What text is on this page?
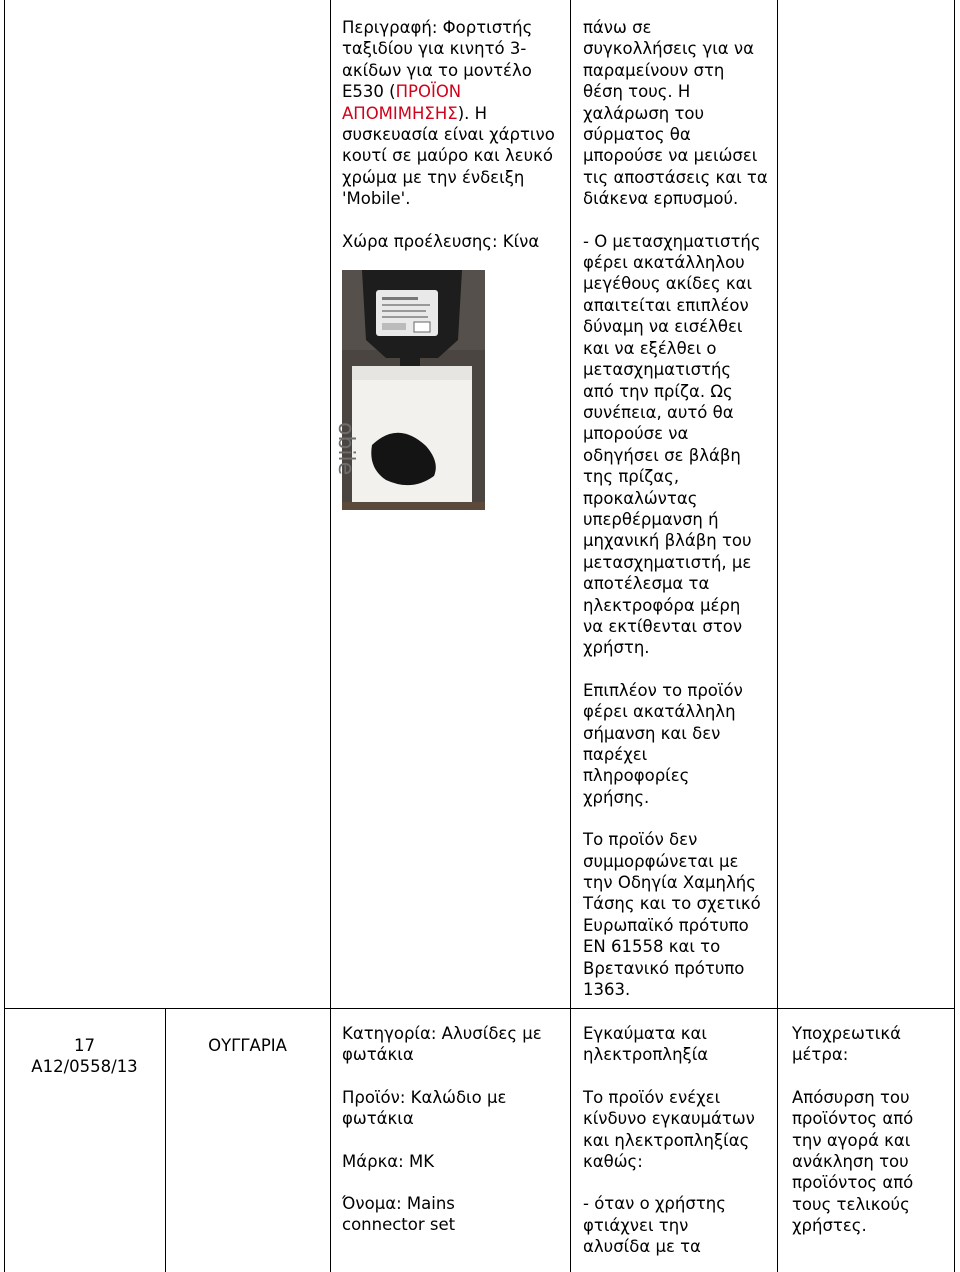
Περιγραφή: Φορτιστής ταξιδίου για κινητό 3-ακίδων για το μοντέλο E530 (ΠΡΟΪΟΝ ΑΠΟΜΙΜΗΣΗΣ). Η συσκευασία είναι χάρτινο κουτί σε μαύρο και λευκό χρώμα με την ένδειξη 'Mobile'.

Χώρα προέλευσης: Κίνα

obile

πάνω σε
συγκολλήσεις για να
παραμείνουν στη
θέση τους. Η
χαλάρωση του
σύρματος θα
μπορούσε να μειώσει
τις αποστάσεις και τα
διάκενα ερπυσμού.

- Ο μετασχηματιστής
φέρει ακατάλληλου
μεγέθους ακίδες και
απαιτείται επιπλέον
δύναμη να εισέλθει
και να εξέλθει ο
μετασχηματιστής
από την πρίζα. Ως
συνέπεια, αυτό θα
μπορούσε να
οδηγήσει σε βλάβη
της πρίζας,
προκαλώντας
υπερθέρμανση ή
μηχανική βλάβη του
μετασχηματιστή, με
αποτέλεσμα τα
ηλεκτροφόρα μέρη
να εκτίθενται στον
χρήστη.

Επιπλέον το προϊόν
φέρει ακατάλληλη
σήμανση και δεν
παρέχει
πληροφορίες
χρήσης.

Το προϊόν δεν
συμμορφώνεται με
την Οδηγία Χαμηλής
Τάσης και το σχετικό
Ευρωπαϊκό πρότυπο
EN 61558 και το
Βρετανικό πρότυπο
1363.

17

A12/0558/13

ΟΥΓΓΑΡΙΑ

Κατηγορία: Αλυσίδες με
φωτάκια

Προϊόν: Καλώδιο με
φωτάκια

Μάρκα: MK

Όνομα: Mains
connector set

Εγκαύματα και
ηλεκτροπληξία

Το προϊόν ενέχει
κίνδυνο εγκαυμάτων
και ηλεκτροπληξίας
καθώς:

- όταν ο χρήστης
φτιάχνει την
αλυσίδα με τα

Υποχρεωτικά
μέτρα:

Απόσυρση του
προϊόντος από
την αγορά και
ανάκληση του
προϊόντος από
τους τελικούς
χρήστες.
